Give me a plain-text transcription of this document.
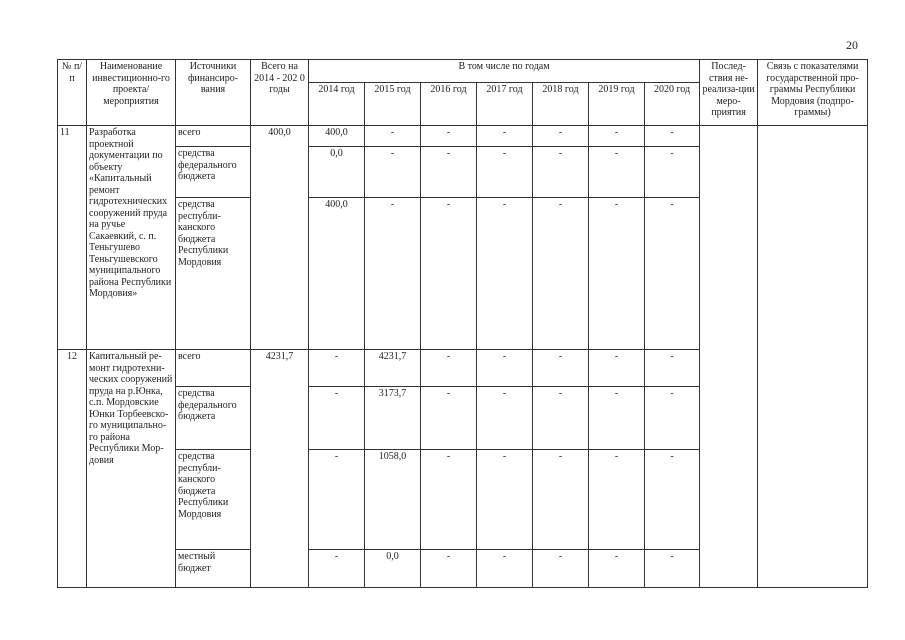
20
№ п/п	Наименование инвестиционно-го проекта/ мероприятия	Источники финансиро-вания	Всего на 2014 - 202 0 годы	В том числе по годам							Послед-ствия не-реализа-ции меро-приятия	Связь с показателями государственной про-граммы Республики Мордовия (подпро-граммы)
				2014 год	2015 год	2016 год	2017 год	2018 год	2019 год	2020 год		
11	Разработка проектной документации по объекту «Капитальный ремонт гидротехнических сооружений пруда на ручье Сакаевкий, с. п. Теньгушево Теньгушевского муниципального района Республики Мордовия»	всего	400,0	400,0	-	-	-	-	-	-		
		средства федерального бюджета		0,0	-	-	-	-	-	-		
		средства республи-канского бюджета Республики Мордовия		400,0	-	-	-	-	-	-		
12	Капитальный ре-монт гидротехни-ческих сооружений пруда на р.Юнка, с.п. Мордовские Юнки Торбеевско-го муниципально-го района Республики Мор-довия	всего	4231,7	-	4231,7	-	-	-	-	-		
		средства федерального бюджета		-	3173,7	-	-	-	-	-		
		средства республи-канского бюджета Республики Мордовия		-	1058,0	-	-	-	-	-		
		местный бюджет		-	0,0	-	-	-	-	-		
